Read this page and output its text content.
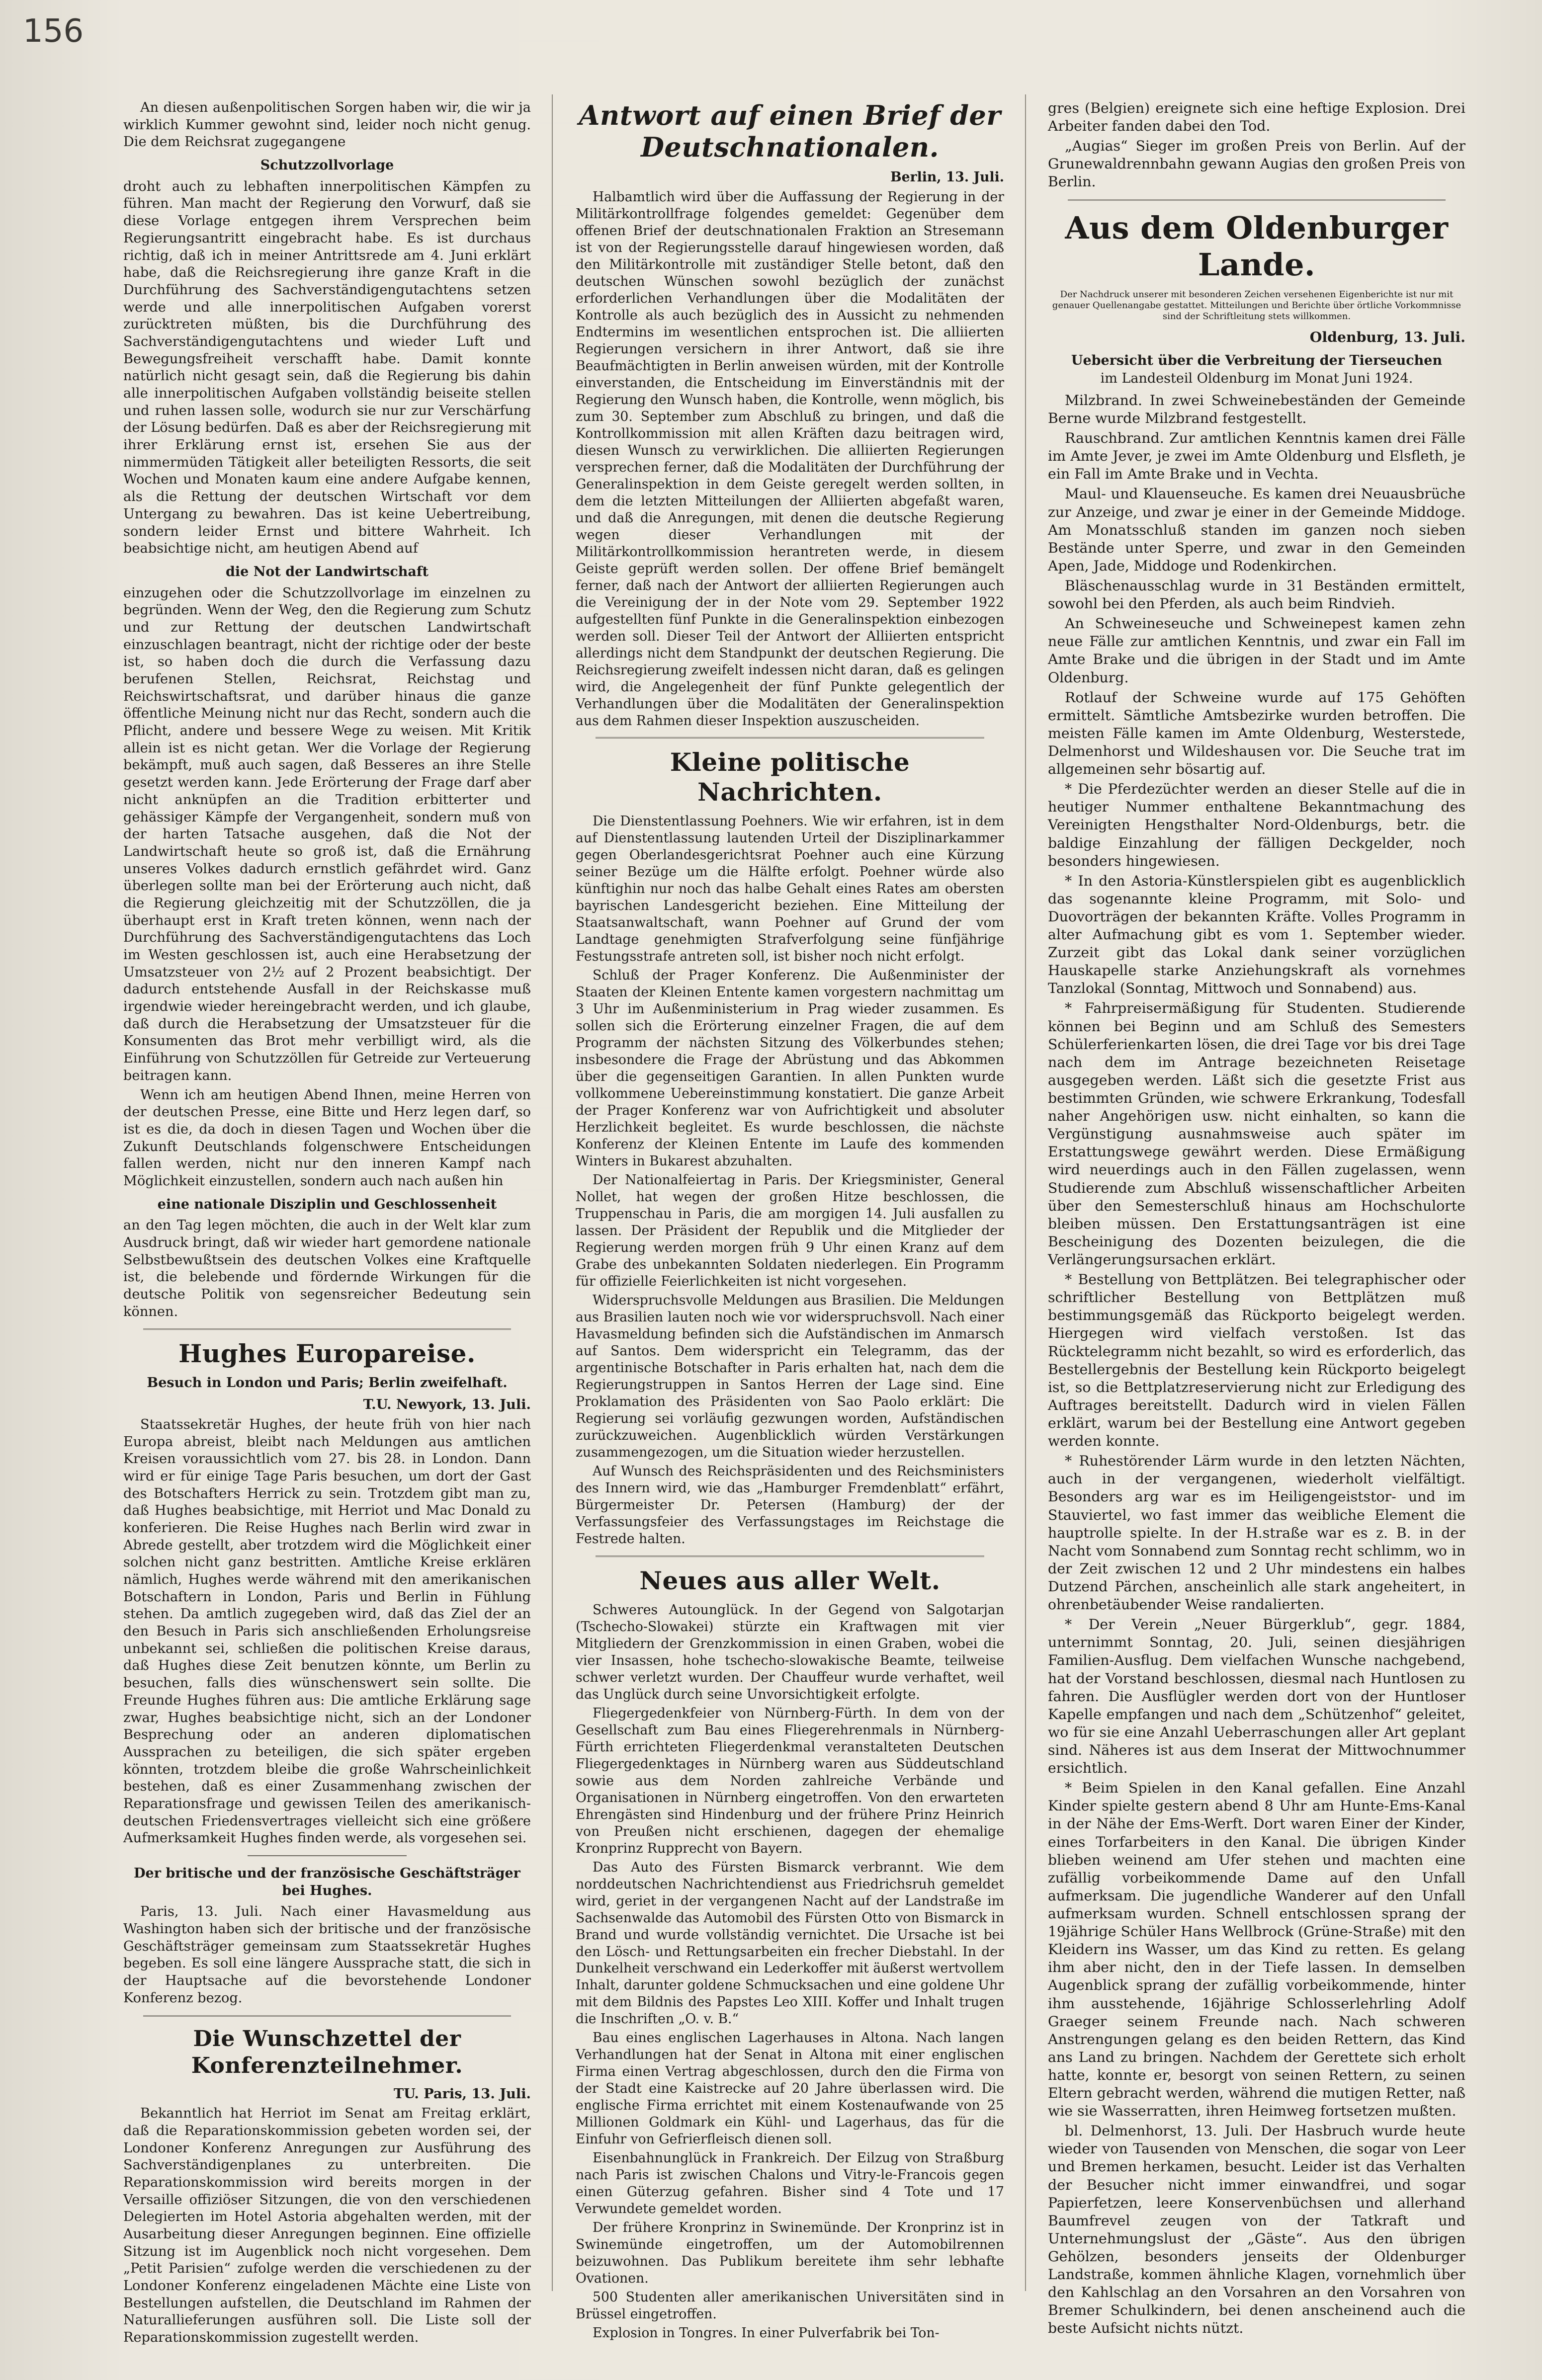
156

An diesen außenpolitischen Sorgen haben wir, die wir ja wirklich Kummer gewohnt sind, leider noch nicht genug. Die dem Reichsrat zugegangene

Schutzzollvorlage

droht auch zu lebhaften innerpolitischen Kämpfen zu führen. Man macht der Regierung den Vorwurf, daß sie diese Vorlage entgegen ihrem Versprechen beim Regierungsantritt eingebracht habe. Es ist durchaus richtig, daß ich in meiner Antrittsrede am 4. Juni erklärt habe, daß die Reichsregierung ihre ganze Kraft in die Durchführung des Sachverständigengutachtens setzen werde und alle innerpolitischen Aufgaben vorerst zurücktreten müßten, bis die Durchführung des Sachverständigengutachtens und wieder Luft und Bewegungsfreiheit verschafft habe. Damit konnte natürlich nicht gesagt sein, daß die Regierung bis dahin alle innerpolitischen Aufgaben vollständig beiseite stellen und ruhen lassen solle, wodurch sie nur zur Verschärfung der Lösung bedürfen. Daß es aber der Reichsregierung mit ihrer Erklärung ernst ist, ersehen Sie aus der nimmermüden Tätigkeit aller beteiligten Ressorts, die seit Wochen und Monaten kaum eine andere Aufgabe kennen, als die Rettung der deutschen Wirtschaft vor dem Untergang zu bewahren. Das ist keine Uebertreibung, sondern leider Ernst und bittere Wahrheit. Ich beabsichtige nicht, am heutigen Abend auf

die Not der Landwirtschaft

einzugehen oder die Schutzzollvorlage im einzelnen zu begründen. Wenn der Weg, den die Regierung zum Schutz und zur Rettung der deutschen Landwirtschaft einzuschlagen beantragt, nicht der richtige oder der beste ist, so haben doch die durch die Verfassung dazu berufenen Stellen, Reichsrat, Reichstag und Reichswirtschaftsrat, und darüber hinaus die ganze öffentliche Meinung nicht nur das Recht, sondern auch die Pflicht, andere und bessere Wege zu weisen. Mit Kritik allein ist es nicht getan. Wer die Vorlage der Regierung bekämpft, muß auch sagen, daß Besseres an ihre Stelle gesetzt werden kann. Jede Erörterung der Frage darf aber nicht anknüpfen an die Tradition erbitterter und gehässiger Kämpfe der Vergangenheit, sondern muß von der harten Tatsache ausgehen, daß die Not der Landwirtschaft heute so groß ist, daß die Ernährung unseres Volkes dadurch ernstlich gefährdet wird. Ganz überlegen sollte man bei der Erörterung auch nicht, daß die Regierung gleichzeitig mit der Schutzzöllen, die ja überhaupt erst in Kraft treten können, wenn nach der Durchführung des Sachverständigengutachtens das Loch im Westen geschlossen ist, auch eine Herabsetzung der Umsatzsteuer von 2½ auf 2 Prozent beabsichtigt. Der dadurch entstehende Ausfall in der Reichskasse muß irgendwie wieder hereingebracht werden, und ich glaube, daß durch die Herabsetzung der Umsatzsteuer für die Konsumenten das Brot mehr verbilligt wird, als die Einführung von Schutzzöllen für Getreide zur Verteuerung beitragen kann.

Wenn ich am heutigen Abend Ihnen, meine Herren von der deutschen Presse, eine Bitte und Herz legen darf, so ist es die, da doch in diesen Tagen und Wochen über die Zukunft Deutschlands folgenschwere Entscheidungen fallen werden, nicht nur den inneren Kampf nach Möglichkeit einzustellen, sondern auch nach außen hin

eine nationale Disziplin und Geschlossenheit

an den Tag legen möchten, die auch in der Welt klar zum Ausdruck bringt, daß wir wieder hart gemordene nationale Selbstbewußtsein des deutschen Volkes eine Kraftquelle ist, die belebende und fördernde Wirkungen für die deutsche Politik von segensreicher Bedeutung sein können.

Hughes Europareise.
Besuch in London und Paris; Berlin zweifelhaft.
T.U. Newyork, 13. Juli.

Staatssekretär Hughes, der heute früh von hier nach Europa abreist, bleibt nach Meldungen aus amtlichen Kreisen voraussichtlich vom 27. bis 28. in London. Dann wird er für einige Tage Paris besuchen, um dort der Gast des Botschafters Herrick zu sein. Trotzdem gibt man zu, daß Hughes beabsichtige, mit Herriot und Mac Donald zu konferieren. Die Reise Hughes nach Berlin wird zwar in Abrede gestellt, aber trotzdem wird die Möglichkeit einer solchen nicht ganz bestritten. Amtliche Kreise erklären nämlich, Hughes werde während mit den amerikanischen Botschaftern in London, Paris und Berlin in Fühlung stehen. Da amtlich zugegeben wird, daß das Ziel der an den Besuch in Paris sich anschließenden Erholungsreise unbekannt sei, schließen die politischen Kreise daraus, daß Hughes diese Zeit benutzen könnte, um Berlin zu besuchen, falls dies wünschenswert sein sollte. Die Freunde Hughes führen aus: Die amtliche Erklärung sage zwar, Hughes beabsichtige nicht, sich an der Londoner Besprechung oder an anderen diplomatischen Aussprachen zu beteiligen, die sich später ergeben könnten, trotzdem bleibe die große Wahrscheinlichkeit bestehen, daß es einer Zusammenhang zwischen der Reparationsfrage und gewissen Teilen des amerikanisch-deutschen Friedensvertrages vielleicht sich eine größere Aufmerksamkeit Hughes finden werde, als vorgesehen sei.

Der britische und der französische Geschäftsträger bei Hughes.

Paris, 13. Juli. Nach einer Havasmeldung aus Washington haben sich der britische und der französische Geschäftsträger gemeinsam zum Staatssekretär Hughes begeben. Es soll eine längere Aussprache statt, die sich in der Hauptsache auf die bevorstehende Londoner Konferenz bezog.

Die Wunschzettel der Konferenzteilnehmer.
TU. Paris, 13. Juli.

Bekanntlich hat Herriot im Senat am Freitag erklärt, daß die Reparationskommission gebeten worden sei, der Londoner Konferenz Anregungen zur Ausführung des Sachverständigenplanes zu unterbreiten. Die Reparationskommission wird bereits morgen in der Versaille offiziöser Sitzungen, die von den verschiedenen Delegierten im Hotel Astoria abgehalten werden, mit der Ausarbeitung dieser Anregungen beginnen. Eine offizielle Sitzung ist im Augenblick noch nicht vorgesehen. Dem „Petit Parisien“ zufolge werden die verschiedenen zu der Londoner Konferenz eingeladenen Mächte eine Liste von Bestellungen aufstellen, die Deutschland im Rahmen der Naturallieferungen ausführen soll. Die Liste soll der Reparationskommission zugestellt werden.

Antwort auf einen Brief der Deutschnationalen.
Berlin, 13. Juli.

Halbamtlich wird über die Auffassung der Regierung in der Militärkontrollfrage folgendes gemeldet: Gegenüber dem offenen Brief der deutschnationalen Fraktion an Stresemann ist von der Regierungsstelle darauf hingewiesen worden, daß den Militärkontrolle mit zuständiger Stelle betont, daß den deutschen Wünschen sowohl bezüglich der zunächst erforderlichen Verhandlungen über die Modalitäten der Kontrolle als auch bezüglich des in Aussicht zu nehmenden Endtermins im wesentlichen entsprochen ist. Die alliierten Regierungen versichern in ihrer Antwort, daß sie ihre Beaufmächtigten in Berlin anweisen würden, mit der Kontrolle einverstanden, die Entscheidung im Einverständnis mit der Regierung den Wunsch haben, die Kontrolle, wenn möglich, bis zum 30. September zum Abschluß zu bringen, und daß die Kontrollkommission mit allen Kräften dazu beitragen wird, diesen Wunsch zu verwirklichen. Die alliierten Regierungen versprechen ferner, daß die Modalitäten der Durchführung der Generalinspektion in dem Geiste geregelt werden sollten, in dem die letzten Mitteilungen der Alliierten abgefaßt waren, und daß die Anregungen, mit denen die deutsche Regierung wegen dieser Verhandlungen mit der Militärkontrollkommission herantreten werde, in diesem Geiste geprüft werden sollen. Der offene Brief bemängelt ferner, daß nach der Antwort der alliierten Regierungen auch die Vereinigung der in der Note vom 29. September 1922 aufgestellten fünf Punkte in die Generalinspektion einbezogen werden soll. Dieser Teil der Antwort der Alliierten entspricht allerdings nicht dem Standpunkt der deutschen Regierung. Die Reichsregierung zweifelt indessen nicht daran, daß es gelingen wird, die Angelegenheit der fünf Punkte gelegentlich der Verhandlungen über die Modalitäten der Generalinspektion aus dem Rahmen dieser Inspektion auszuscheiden.

Kleine politische Nachrichten.

Die Dienstentlassung Poehners. Wie wir erfahren, ist in dem auf Dienstentlassung lautenden Urteil der Disziplinarkammer gegen Oberlandesgerichtsrat Poehner auch eine Kürzung seiner Bezüge um die Hälfte erfolgt. Poehner würde also künftighin nur noch das halbe Gehalt eines Rates am obersten bayrischen Landesgericht beziehen. Eine Mitteilung der Staatsanwaltschaft, wann Poehner auf Grund der vom Landtage genehmigten Strafverfolgung seine fünfjährige Festungsstrafe antreten soll, ist bisher noch nicht erfolgt.

Schluß der Prager Konferenz. Die Außenminister der Staaten der Kleinen Entente kamen vorgestern nachmittag um 3 Uhr im Außenministerium in Prag wieder zusammen. Es sollen sich die Erörterung einzelner Fragen, die auf dem Programm der nächsten Sitzung des Völkerbundes stehen; insbesondere die Frage der Abrüstung und das Abkommen über die gegenseitigen Garantien. In allen Punkten wurde vollkommene Uebereinstimmung konstatiert. Die ganze Arbeit der Prager Konferenz war von Aufrichtigkeit und absoluter Herzlichkeit begleitet. Es wurde beschlossen, die nächste Konferenz der Kleinen Entente im Laufe des kommenden Winters in Bukarest abzuhalten.

Der Nationalfeiertag in Paris. Der Kriegsminister, General Nollet, hat wegen der großen Hitze beschlossen, die Truppenschau in Paris, die am morgigen 14. Juli ausfallen zu lassen. Der Präsident der Republik und die Mitglieder der Regierung werden morgen früh 9 Uhr einen Kranz auf dem Grabe des unbekannten Soldaten niederlegen. Ein Programm für offizielle Feierlichkeiten ist nicht vorgesehen.

Widerspruchsvolle Meldungen aus Brasilien. Die Meldungen aus Brasilien lauten noch wie vor widerspruchsvoll. Nach einer Havasmeldung befinden sich die Aufständischen im Anmarsch auf Santos. Dem widerspricht ein Telegramm, das der argentinische Botschafter in Paris erhalten hat, nach dem die Regierungstruppen in Santos Herren der Lage sind. Eine Proklamation des Präsidenten von Sao Paolo erklärt: Die Regierung sei vorläufig gezwungen worden, Aufständischen zurückzuweichen. Augenblicklich würden Verstärkungen zusammengezogen, um die Situation wieder herzustellen.

Auf Wunsch des Reichspräsidenten und des Reichsministers des Innern wird, wie das „Hamburger Fremdenblatt“ erfährt, Bürgermeister Dr. Petersen (Hamburg) der der Verfassungsfeier des Verfassungstages im Reichstage die Festrede halten.

Neues aus aller Welt.

Schweres Autounglück. In der Gegend von Salgotarjan (Tschecho-Slowakei) stürzte ein Kraftwagen mit vier Mitgliedern der Grenzkommission in einen Graben, wobei die vier Insassen, hohe tschecho-slowakische Beamte, teilweise schwer verletzt wurden. Der Chauffeur wurde verhaftet, weil das Unglück durch seine Unvorsichtigkeit erfolgte.

Fliegergedenkfeier von Nürnberg-Fürth. In dem von der Gesellschaft zum Bau eines Fliegerehrenmals in Nürnberg-Fürth errichteten Fliegerdenkmal veranstalteten Deutschen Fliegergedenktages in Nürnberg waren aus Süddeutschland sowie aus dem Norden zahlreiche Verbände und Organisationen in Nürnberg eingetroffen. Von den erwarteten Ehrengästen sind Hindenburg und der frühere Prinz Heinrich von Preußen nicht erschienen, dagegen der ehemalige Kronprinz Rupprecht von Bayern.

Das Auto des Fürsten Bismarck verbrannt. Wie dem norddeutschen Nachrichtendienst aus Friedrichsruh gemeldet wird, geriet in der vergangenen Nacht auf der Landstraße im Sachsenwalde das Automobil des Fürsten Otto von Bismarck in Brand und wurde vollständig vernichtet. Die Ursache ist bei den Lösch- und Rettungsarbeiten ein frecher Diebstahl. In der Dunkelheit verschwand ein Lederkoffer mit äußerst wertvollem Inhalt, darunter goldene Schmucksachen und eine goldene Uhr mit dem Bildnis des Papstes Leo XIII. Koffer und Inhalt trugen die Inschriften „O. v. B.“

Bau eines englischen Lagerhauses in Altona. Nach langen Verhandlungen hat der Senat in Altona mit einer englischen Firma einen Vertrag abgeschlossen, durch den die Firma von der Stadt eine Kaistrecke auf 20 Jahre überlassen wird. Die englische Firma errichtet mit einem Kostenaufwande von 25 Millionen Goldmark ein Kühl- und Lagerhaus, das für die Einfuhr von Gefrierfleisch dienen soll.

Eisenbahnunglück in Frankreich. Der Eilzug von Straßburg nach Paris ist zwischen Chalons und Vitry-le-Francois gegen einen Güterzug gefahren. Bisher sind 4 Tote und 17 Verwundete gemeldet worden.

Der frühere Kronprinz in Swinemünde. Der Kronprinz ist in Swinemünde eingetroffen, um der Automobilrennen beizuwohnen. Das Publikum bereitete ihm sehr lebhafte Ovationen.

500 Studenten aller amerikanischen Universitäten sind in Brüssel eingetroffen.

Explosion in Tongres. In einer Pulverfabrik bei Ton-

gres (Belgien) ereignete sich eine heftige Explosion. Drei Arbeiter fanden dabei den Tod.

„Augias“ Sieger im großen Preis von Berlin. Auf der Grunewaldrennbahn gewann Augias den großen Preis von Berlin.

Aus dem Oldenburger Lande.
Der Nachdruck unserer mit besonderen Zeichen versehenen Eigenberichte ist nur mit genauer Quellenangabe gestattet. Mitteilungen und Berichte über örtliche Vorkommnisse sind der Schriftleitung stets willkommen.
Oldenburg, 13. Juli.
Uebersicht über die Verbreitung der Tierseuchen
im Landesteil Oldenburg im Monat Juni 1924.

Milzbrand. In zwei Schweinebeständen der Gemeinde Berne wurde Milzbrand festgestellt.

Rauschbrand. Zur amtlichen Kenntnis kamen drei Fälle im Amte Jever, je zwei im Amte Oldenburg und Elsfleth, je ein Fall im Amte Brake und in Vechta.

Maul- und Klauenseuche. Es kamen drei Neuausbrüche zur Anzeige, und zwar je einer in der Gemeinde Middoge. Am Monatsschluß standen im ganzen noch sieben Bestände unter Sperre, und zwar in den Gemeinden Apen, Jade, Middoge und Rodenkirchen.

Bläschenausschlag wurde in 31 Beständen ermittelt, sowohl bei den Pferden, als auch beim Rindvieh.

An Schweineseuche und Schweinepest kamen zehn neue Fälle zur amtlichen Kenntnis, und zwar ein Fall im Amte Brake und die übrigen in der Stadt und im Amte Oldenburg.

Rotlauf der Schweine wurde auf 175 Gehöften ermittelt. Sämtliche Amtsbezirke wurden betroffen. Die meisten Fälle kamen im Amte Oldenburg, Westerstede, Delmenhorst und Wildeshausen vor. Die Seuche trat im allgemeinen sehr bösartig auf.

* Die Pferdezüchter werden an dieser Stelle auf die in heutiger Nummer enthaltene Bekanntmachung des Vereinigten Hengsthalter Nord-Oldenburgs, betr. die baldige Einzahlung der fälligen Deckgelder, noch besonders hingewiesen.

* In den Astoria-Künstlerspielen gibt es augenblicklich das sogenannte kleine Programm, mit Solo- und Duovorträgen der bekannten Kräfte. Volles Programm in alter Aufmachung gibt es vom 1. September wieder. Zurzeit gibt das Lokal dank seiner vorzüglichen Hauskapelle starke Anziehungskraft als vornehmes Tanzlokal (Sonntag, Mittwoch und Sonnabend) aus.

* Fahrpreisermäßigung für Studenten. Studierende können bei Beginn und am Schluß des Semesters Schülerferienkarten lösen, die drei Tage vor bis drei Tage nach dem im Antrage bezeichneten Reisetage ausgegeben werden. Läßt sich die gesetzte Frist aus bestimmten Gründen, wie schwere Erkrankung, Todesfall naher Angehörigen usw. nicht einhalten, so kann die Vergünstigung ausnahmsweise auch später im Erstattungswege gewährt werden. Diese Ermäßigung wird neuerdings auch in den Fällen zugelassen, wenn Studierende zum Abschluß wissenschaftlicher Arbeiten über den Semesterschluß hinaus am Hochschulorte bleiben müssen. Den Erstattungsanträgen ist eine Bescheinigung des Dozenten beizulegen, die die Verlängerungsursachen erklärt.

* Bestellung von Bettplätzen. Bei telegraphischer oder schriftlicher Bestellung von Bettplätzen muß bestimmungsgemäß das Rückporto beigelegt werden. Hiergegen wird vielfach verstoßen. Ist das Rücktelegramm nicht bezahlt, so wird es erforderlich, das Bestellergebnis der Bestellung kein Rückporto beigelegt ist, so die Bettplatzreservierung nicht zur Erledigung des Auftrages bereitstellt. Dadurch wird in vielen Fällen erklärt, warum bei der Bestellung eine Antwort gegeben werden konnte.

* Ruhestörender Lärm wurde in den letzten Nächten, auch in der vergangenen, wiederholt vielfältigt. Besonders arg war es im Heiligengeiststor- und im Stauviertel, wo fast immer das weibliche Element die hauptrolle spielte. In der H.straße war es z. B. in der Nacht vom Sonnabend zum Sonntag recht schlimm, wo in der Zeit zwischen 12 und 2 Uhr mindestens ein halbes Dutzend Pärchen, anscheinlich alle stark angeheitert, in ohrenbetäubender Weise randalierten.

* Der Verein „Neuer Bürgerklub“, gegr. 1884, unternimmt Sonntag, 20. Juli, seinen diesjährigen Familien-Ausflug. Dem vielfachen Wunsche nachgebend, hat der Vorstand beschlossen, diesmal nach Huntlosen zu fahren. Die Ausflügler werden dort von der Huntloser Kapelle empfangen und nach dem „Schützenhof“ geleitet, wo für sie eine Anzahl Ueberraschungen aller Art geplant sind. Näheres ist aus dem Inserat der Mittwochnummer ersichtlich.

* Beim Spielen in den Kanal gefallen. Eine Anzahl Kinder spielte gestern abend 8 Uhr am Hunte-Ems-Kanal in der Nähe der Ems-Werft. Dort waren Einer der Kinder, eines Torfarbeiters in den Kanal. Die übrigen Kinder blieben weinend am Ufer stehen und machten eine zufällig vorbeikommende Dame auf den Unfall aufmerksam. Die jugendliche Wanderer auf den Unfall aufmerksam wurden. Schnell entschlossen sprang der 19jährige Schüler Hans Wellbrock (Grüne-Straße) mit den Kleidern ins Wasser, um das Kind zu retten. Es gelang ihm aber nicht, den in der Tiefe lassen. In demselben Augenblick sprang der zufällig vorbeikommende, hinter ihm ausstehende, 16jährige Schlosserlehrling Adolf Graeger seinem Freunde nach. Nach schweren Anstrengungen gelang es den beiden Rettern, das Kind ans Land zu bringen. Nachdem der Gerettete sich erholt hatte, konnte er, besorgt von seinen Rettern, zu seinen Eltern gebracht werden, während die mutigen Retter, naß wie sie Wasserratten, ihren Heimweg fortsetzen mußten.

bl. Delmenhorst, 13. Juli. Der Hasbruch wurde heute wieder von Tausenden von Menschen, die sogar von Leer und Bremen herkamen, besucht. Leider ist das Verhalten der Besucher nicht immer einwandfrei, und sogar Papierfetzen, leere Konservenbüchsen und allerhand Baumfrevel zeugen von der Tatkraft und Unternehmungslust der „Gäste“. Aus den übrigen Gehölzen, besonders jenseits der Oldenburger Landstraße, kommen ähnliche Klagen, vornehmlich über den Kahlschlag an den Vorsahren an den Vorsahren von Bremer Schulkindern, bei denen anscheinend auch die beste Aufsicht nichts nützt.
